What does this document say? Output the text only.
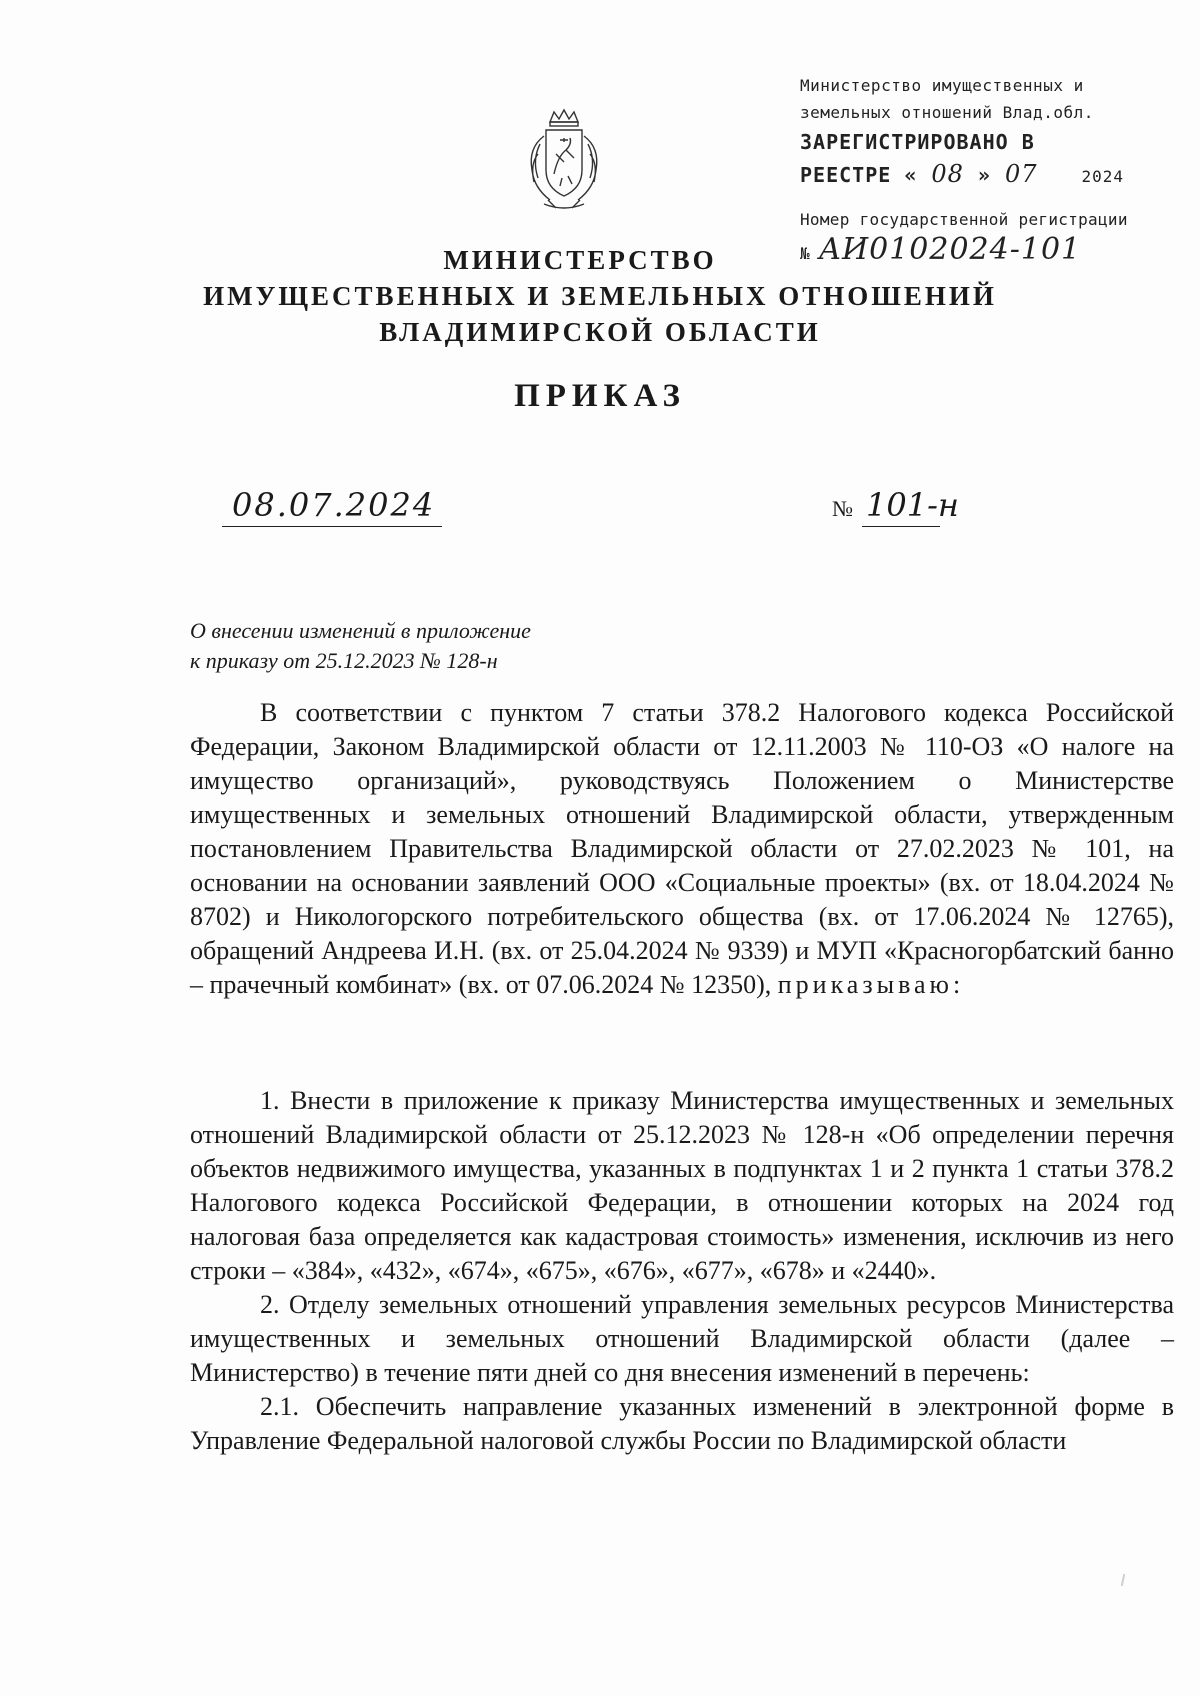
Министерство имущественных и
земельных отношений Влад.обл.
ЗАРЕГИСТРИРОВАНО В
РЕЕСТРЕ « 08 » 07	2024
Номер государственной регистрации
№ AИ0102024-101
МИНИСТЕРСТВО
ИМУЩЕСТВЕННЫХ И ЗЕМЕЛЬНЫХ ОТНОШЕНИЙ
ВЛАДИМИРСКОЙ ОБЛАСТИ
ПРИКАЗ
08.07.2024	№ 101-н
О внесении изменений в приложение
к приказу от 25.12.2023 № 128-н

В соответствии с пунктом 7 статьи 378.2 Налогового кодекса Российской Федерации, Законом Владимирской области от 12.11.2003 № 110-ОЗ «О налоге на имущество организаций», руководствуясь Положением о Министерстве имущественных и земельных отношений Владимирской области, утвержденным постановлением Правительства Владимирской области от 27.02.2023 № 101, на основании на основании заявлений ООО «Социальные проекты» (вх. от 18.04.2024 № 8702) и Никологорского потребительского общества (вх. от 17.06.2024 № 12765), обращений Андреева И.Н. (вх. от 25.04.2024 № 9339) и МУП «Красногорбатский банно – прачечный комбинат» (вх. от 07.06.2024 № 12350), приказываю:

1. Внести в приложение к приказу Министерства имущественных и земельных отношений Владимирской области от 25.12.2023 № 128-н «Об определении перечня объектов недвижимого имущества, указанных в подпунктах 1 и 2 пункта 1 статьи 378.2 Налогового кодекса Российской Федерации, в отношении которых на 2024 год налоговая база определяется как кадастровая стоимость» изменения, исключив из него строки – «384», «432», «674», «675», «676», «677», «678» и «2440».

2. Отделу земельных отношений управления земельных ресурсов Министерства имущественных и земельных отношений Владимирской области (далее – Министерство) в течение пяти дней со дня внесения изменений в перечень:

2.1. Обеспечить направление указанных изменений в электронной форме в Управление Федеральной налоговой службы России по Владимирской области
